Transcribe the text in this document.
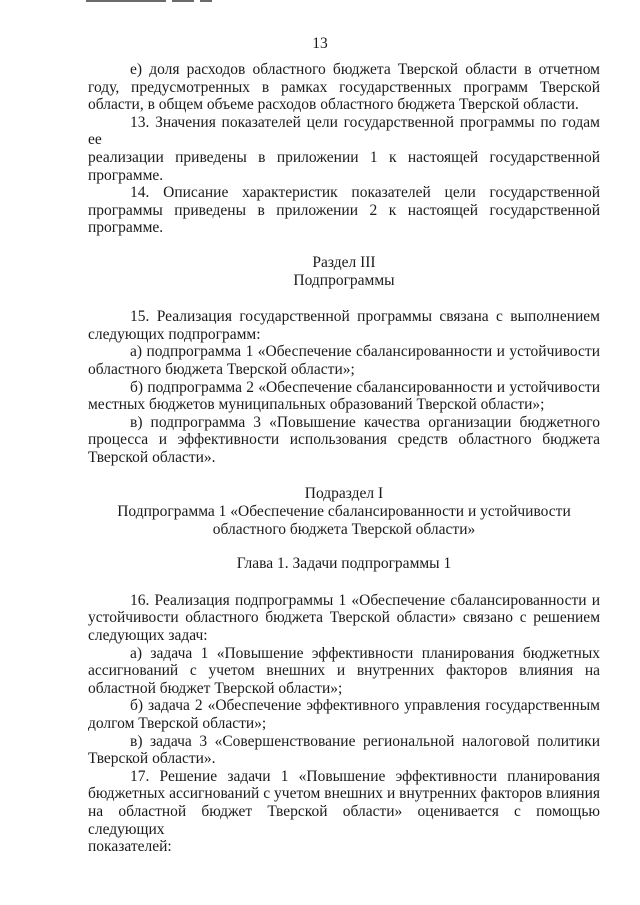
13
е) доля расходов областного бюджета Тверской области в отчетном
году, предусмотренных в рамках государственных программ Тверской
области, в общем объеме расходов областного бюджета Тверской области.
13. Значения показателей цели государственной программы по годам ее
реализации приведены в приложении 1 к настоящей государственной
программе.
14. Описание характеристик показателей цели государственной
программы приведены в приложении 2 к настоящей государственной
программе.
Раздел III
Подпрограммы
15. Реализация государственной программы связана с выполнением
следующих подпрограмм:
а) подпрограмма 1 «Обеспечение сбалансированности и устойчивости
областного бюджета Тверской области»;
б) подпрограмма 2 «Обеспечение сбалансированности и устойчивости
местных бюджетов муниципальных образований Тверской области»;
в) подпрограмма 3 «Повышение качества организации бюджетного
процесса и эффективности использования средств областного бюджета
Тверской области».
Подраздел I
Подпрограмма 1 «Обеспечение сбалансированности и устойчивости
областного бюджета Тверской области»
Глава 1. Задачи подпрограммы 1
16. Реализация подпрограммы 1 «Обеспечение сбалансированности и
устойчивости областного бюджета Тверской области» связано с решением
следующих задач:
а) задача 1 «Повышение эффективности планирования бюджетных
ассигнований с учетом внешних и внутренних факторов влияния на
областной бюджет Тверской области»;
б) задача 2 «Обеспечение эффективного управления государственным
долгом Тверской области»;
в) задача 3 «Совершенствование региональной налоговой политики
Тверской области».
17. Решение задачи 1 «Повышение эффективности планирования
бюджетных ассигнований с учетом внешних и внутренних факторов влияния
на областной бюджет Тверской области» оценивается с помощью следующих
показателей:
